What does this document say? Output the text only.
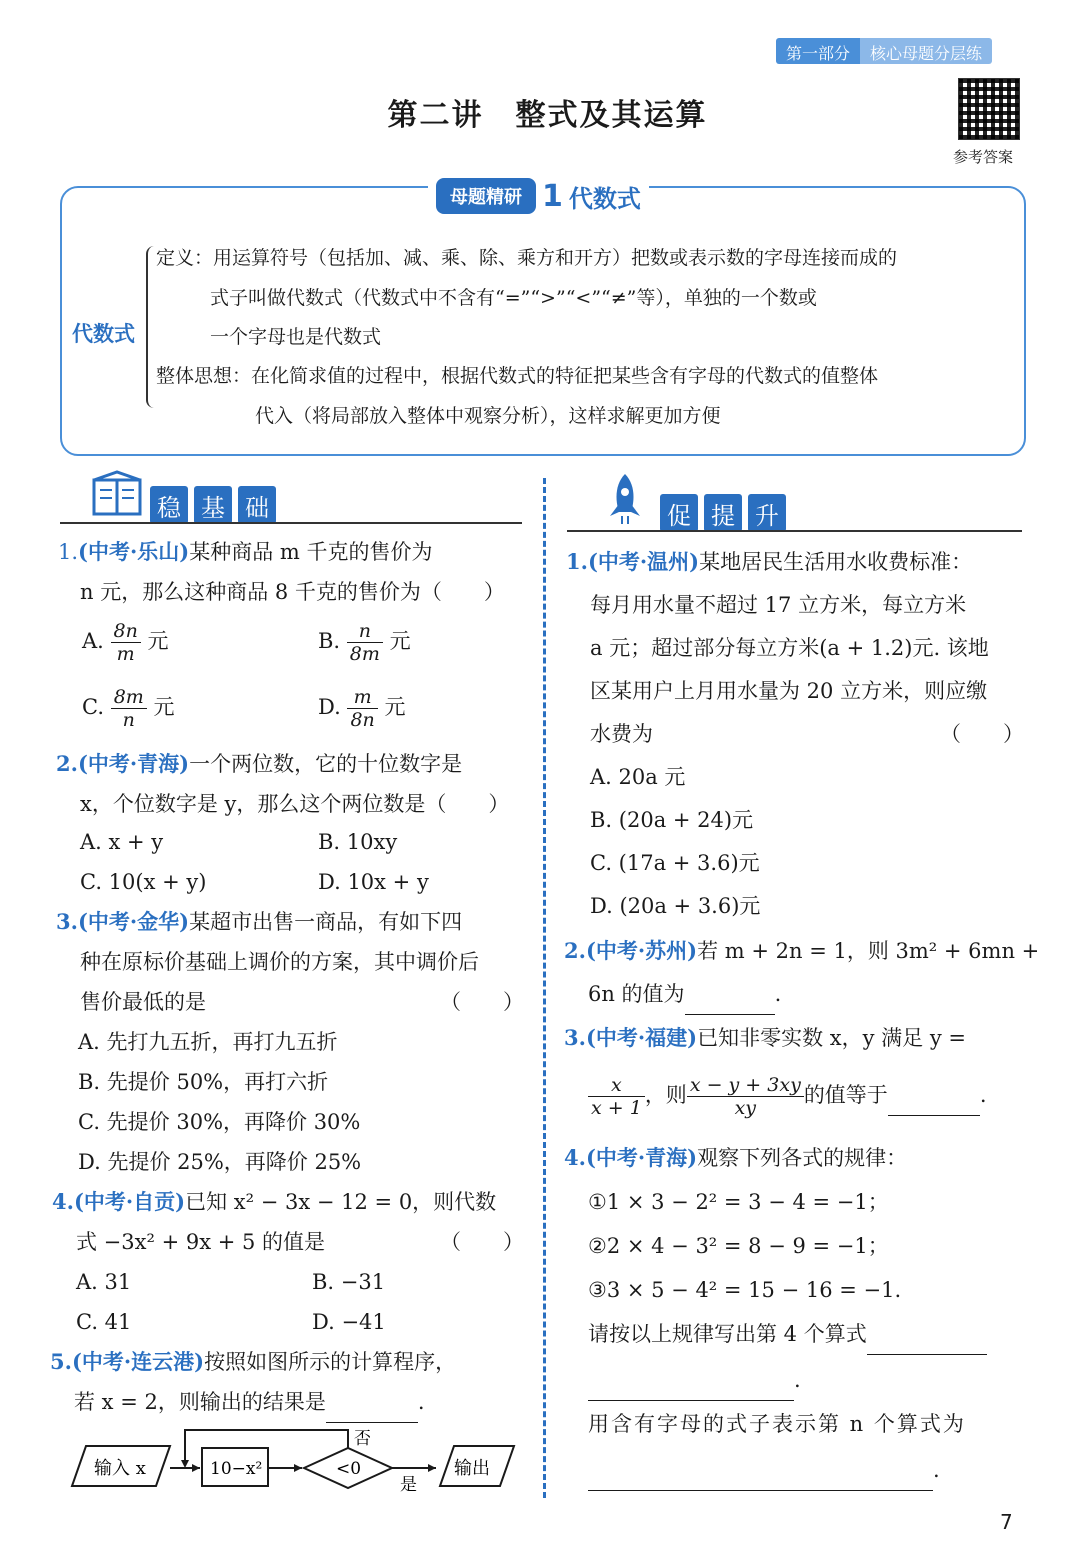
第一部分	核心母题分层练
第二讲　整式及其运算
参考答案
母题精研 1 代数式
代数式
定义：用运算符号（包括加、减、乘、除、乘方和开方）把数或表示数的字母连接而成的
式子叫做代数式（代数式中不含有“=”“>”“<”“≠”等），单独的一个数或
一个字母也是代数式
整体思想：在化简求值的过程中，根据代数式的特征把某些含有字母的代数式的值整体
代入（将局部放入整体中观察分析），这样求解更加方便
稳 基 础	促 提 升
1.(中考·乐山)某种商品 m 千克的售价为
n 元，那么这种商品 8 千克的售价为（　　）
A. $\frac{8n}{m}$ 元	B. $\frac{n}{8m}$ 元
C. $\frac{8m}{n}$ 元	D. $\frac{m}{8n}$ 元
2.(中考·青海)一个两位数，它的十位数字是
x，个位数字是 y，那么这个两位数是（　　）
A. x + y	B. 10xy
C. 10(x + y)	D. 10x + y
3.(中考·金华)某超市出售一商品，有如下四
种在原标价基础上调价的方案，其中调价后
售价最低的是	（　　）
A. 先打九五折，再打九五折
B. 先提价 50%，再打六折
C. 先提价 30%，再降价 30%
D. 先提价 25%，再降价 25%
4.(中考·自贡)已知 x² − 3x − 12 = 0，则代数
式 −3x² + 9x + 5 的值是	（　　）
A. 31	B. −31
C. 41	D. −41
5.(中考·连云港)按照如图所示的计算程序，
若 x = 2，则输出的结果是	.
输入 x	10−x²	<0
否
是
输出
1.(中考·温州)某地居民生活用水收费标准：
每月用水量不超过 17 立方米，每立方米
a 元；超过部分每立方米(a + 1.2)元. 该地
区某用户上月用水量为 20 立方米，则应缴
水费为	（　　）
A. 20a 元
B. (20a + 24)元
C. (17a + 3.6)元
D. (20a + 3.6)元
2.(中考·苏州)若 m + 2n = 1，则 3m² + 6mn +
6n 的值为	.
3.(中考·福建)已知非零实数 x，y 满足 y =
$\frac{x}{x + 1}$ ，则 $\frac{x - y + 3xy}{xy}$ 的值等于	.
4.(中考·青海)观察下列各式的规律：
①1 × 3 − 2² = 3 − 4 = −1；
②2 × 4 − 3² = 8 − 9 = −1；
③3 × 5 − 4² = 15 − 16 = −1.
请按以上规律写出第 4 个算式
.
用含有字母的式子表示第 n 个算式为
.
7
